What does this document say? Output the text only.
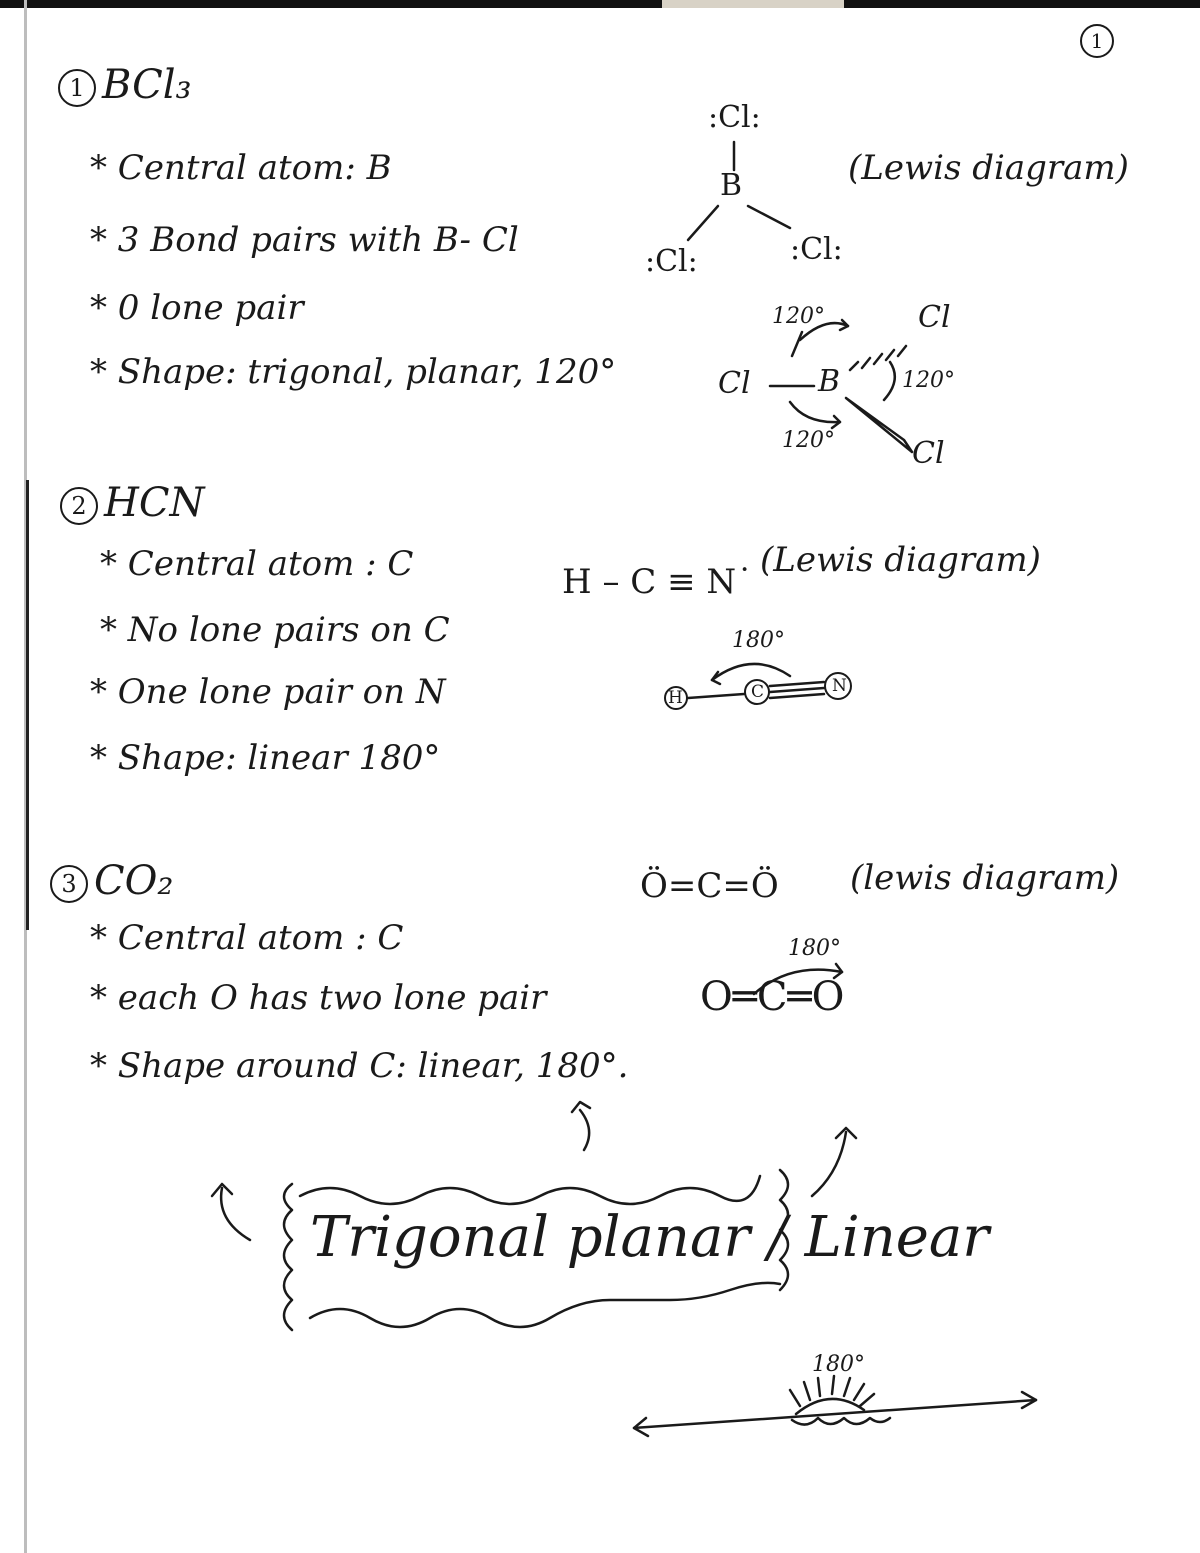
1
1 BCl₃
* Central atom: B
* 3 Bond pairs with B- Cl
* 0 lone pair
* Shape: trigonal, planar, 120°
(Lewis diagram)
:Cl:
B
:Cl:	:Cl:
Cl B
Cl
Cl
120°
120°
120°
2 HCN
* Central atom : C
* No lone pairs on C
* One lone pair on N
* Shape: linear 180°
H – C ≡ N˙
(Lewis diagram)
180°
H	C	N
3 CO₂
* Central atom : C
* each O has two lone pair
* Shape around C: linear, 180°.
Ö=C=Ö (lewis diagram)
180°
O═C═O
Trigonal planar / Linear
180°
